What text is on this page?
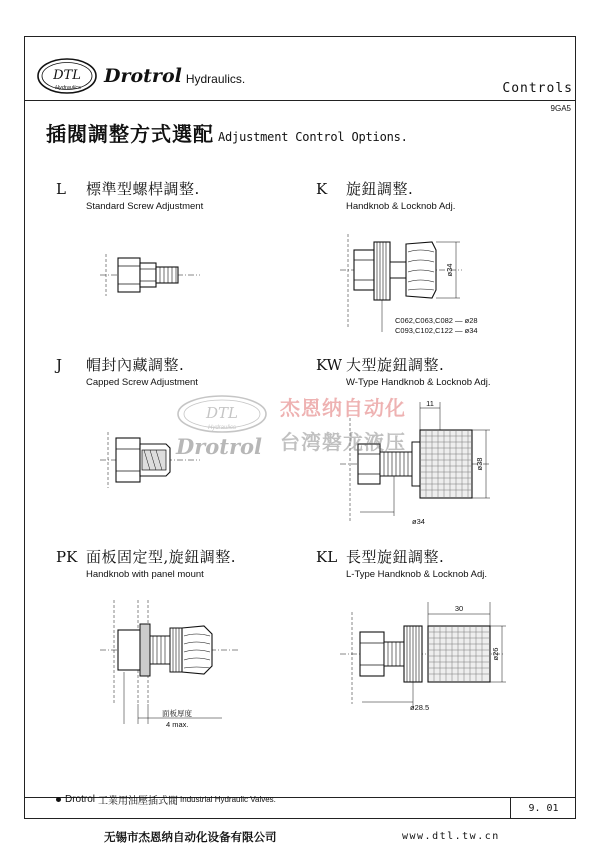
DTL
Hydraulics
Drotrol Hydraulics.
Controls
9GA5
插閥調整方式選配 Adjustment Control Options.
L	標準型螺桿調整.
Standard Screw Adjustment
K	旋鈕調整.
Handknob & Locknob Adj.
J	帽封內藏調整.
Capped Screw Adjustment
KW 大型旋鈕調整.
W-Type Handknob & Locknob Adj.
PK 面板固定型,旋鈕調整.
Handknob with panel mount
KL 長型旋鈕調整.
L-Type Handknob & Locknob Adj.
ø34
C062,C063,C082 — ø28
C093,C102,C122 — ø34
11
ø38
ø34
面板厚度
4 max.
30
ø26
ø28.5
DTL
Hydraulics
Drotrol
杰恩纳自动化
台湾磐龙液压
Drotrol 工業用油壓插式閥 Industrial Hydraulic Valves.
9. 01
无锡市杰恩纳自动化设备有限公司	www.dtl.tw.cn
